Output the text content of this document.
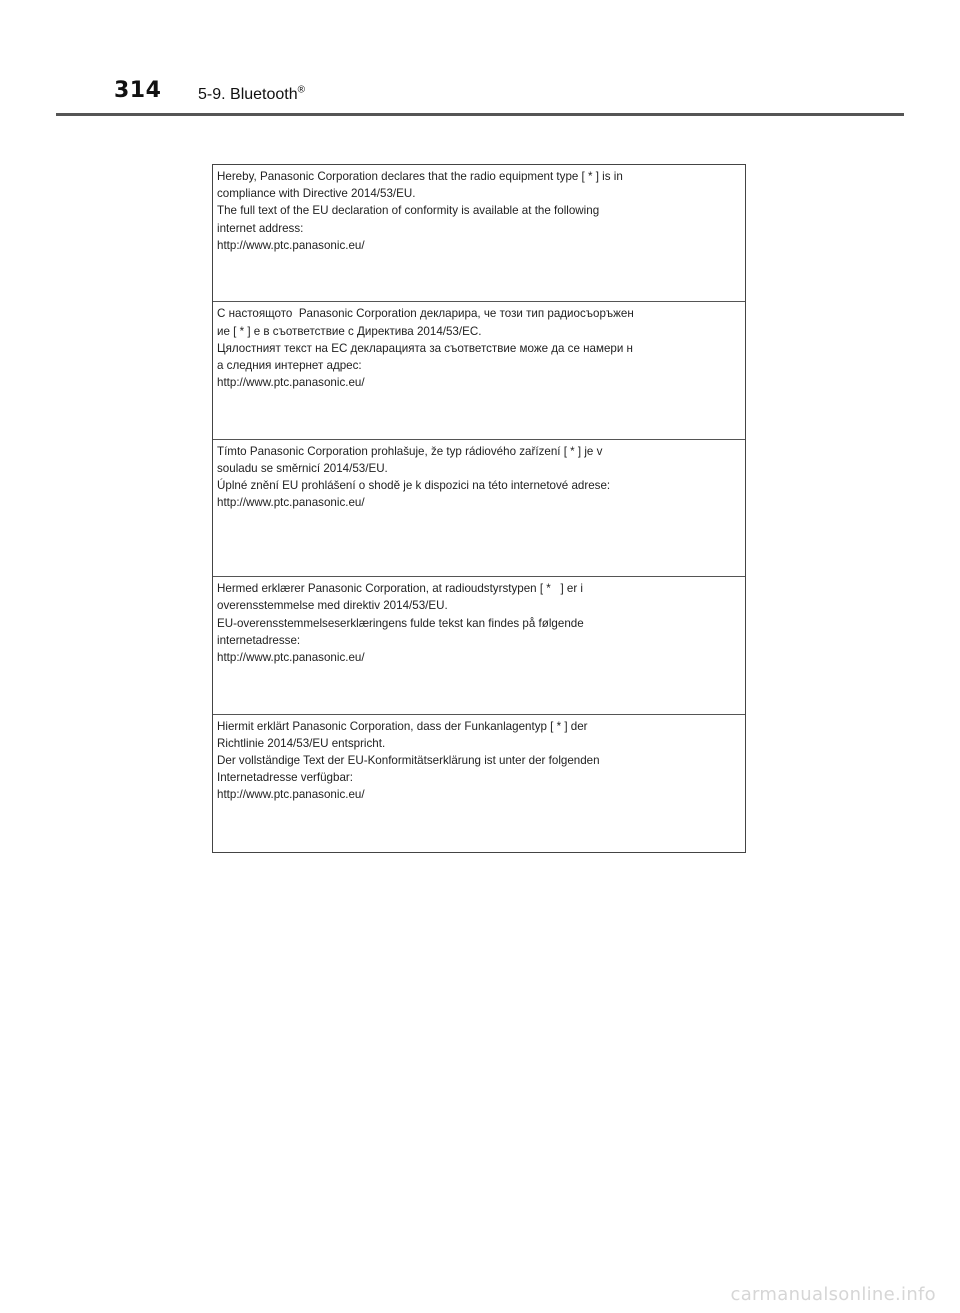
314 5-9. Bluetooth®

Hereby, Panasonic Corporation declares that the radio equipment type [ * ] is in

compliance with Directive 2014/53/EU.

The full text of the EU declaration of conformity is available at the following

internet address:

http://www.ptc.panasonic.eu/

С настоящото  Panasonic Corporation декларира, че този тип радиосъоръжен

ие [ * ] е в съответствие с Директива 2014/53/ЕС.

Цялостният текст на ЕС декларацията за съответствие може да се намери н

а следния интернет адрес:

http://www.ptc.panasonic.eu/

Tímto Panasonic Corporation prohlašuje, že typ rádiového zařízení [ * ] je v

souladu se směrnicí 2014/53/EU.

Úplné znění EU prohlášení o shodě je k dispozici na této internetové adrese:

http://www.ptc.panasonic.eu/

Hermed erklærer Panasonic Corporation, at radioudstyrstypen [ *   ] er i

overensstemmelse med direktiv 2014/53/EU.

EU-overensstemmelseserklæringens fulde tekst kan findes på følgende

internetadresse:

http://www.ptc.panasonic.eu/

Hiermit erklärt Panasonic Corporation, dass der Funkanlagentyp [ * ] der

Richtlinie 2014/53/EU entspricht.

Der vollständige Text der EU-Konformitätserklärung ist unter der folgenden

Internetadresse verfügbar:

http://www.ptc.panasonic.eu/

carmanualsonline.info
